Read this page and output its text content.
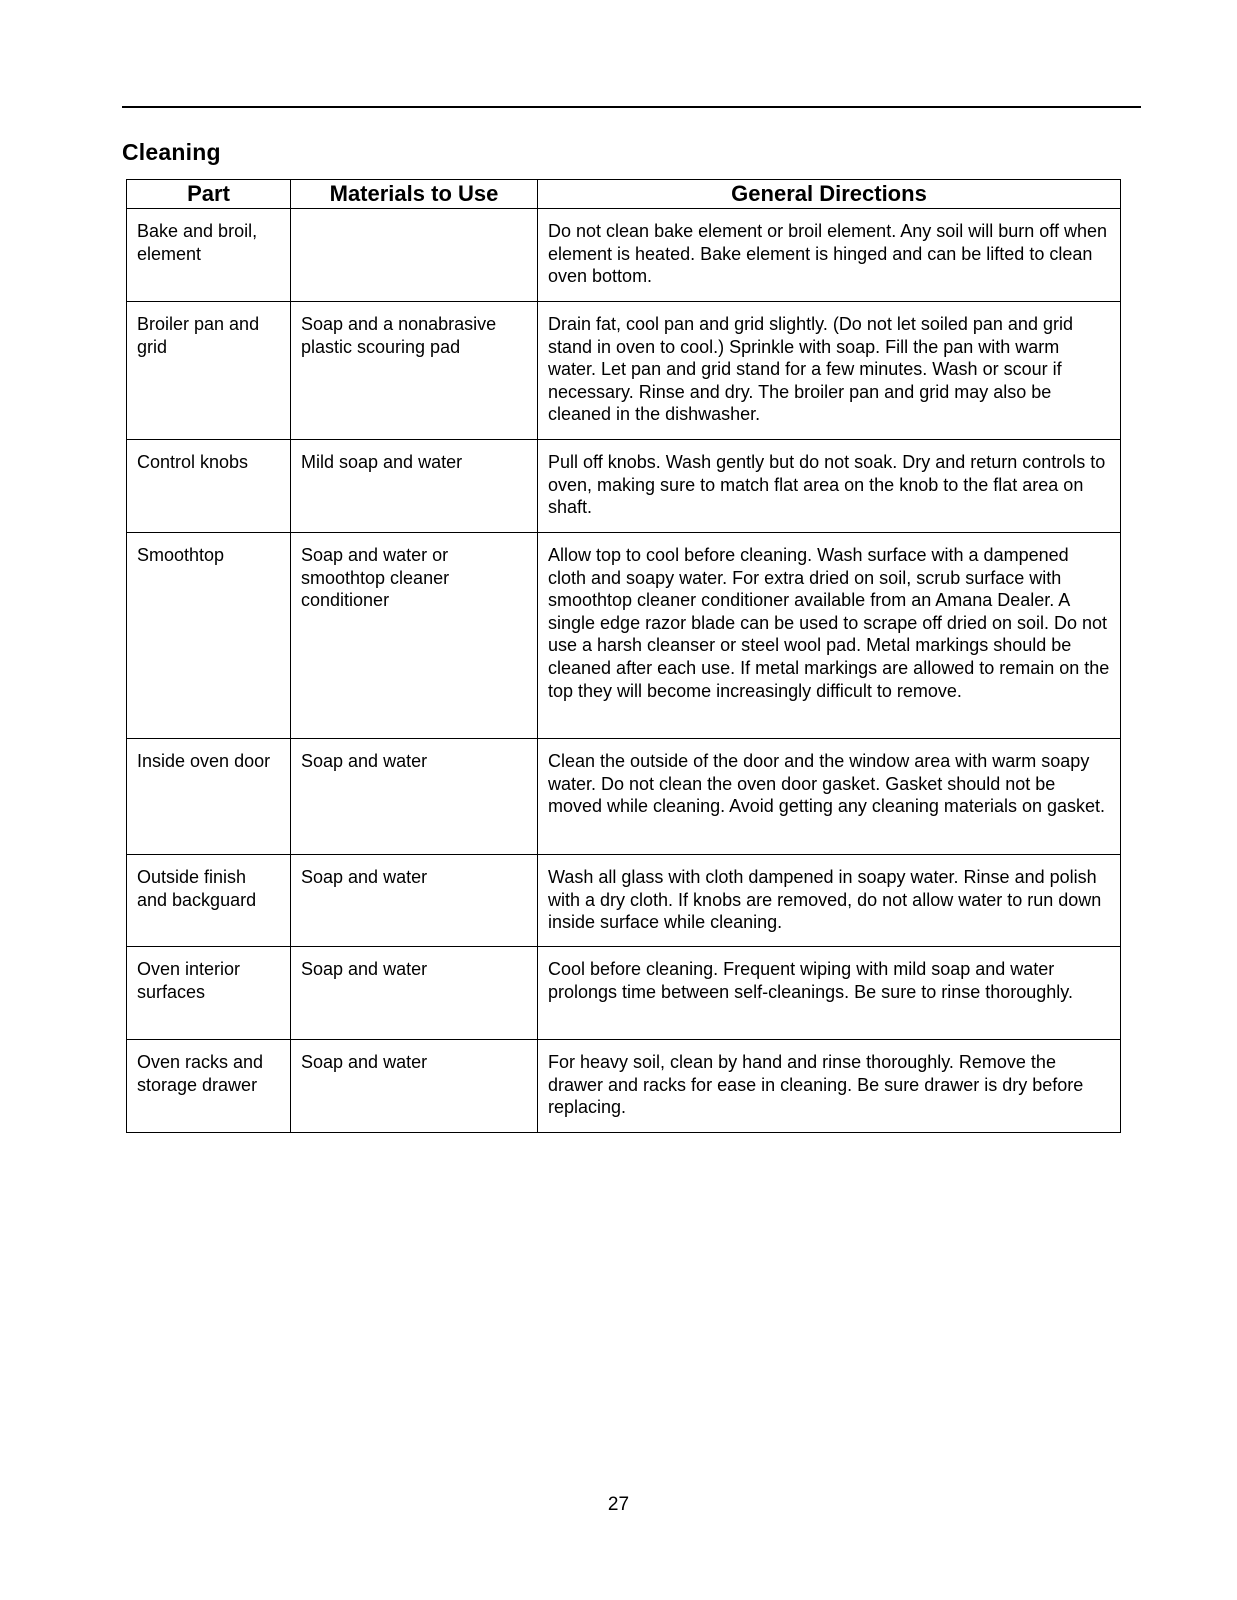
Cleaning
Part	Materials to Use	General Directions
Bake and broil, element		Do not clean bake element or broil element. Any soil will burn off when element is heated. Bake element is hinged and can be lifted to clean oven bottom.
Broiler pan and grid	Soap and a nonabrasive plastic scouring pad	Drain fat, cool pan and grid slightly. (Do not let soiled pan and grid stand in oven to cool.) Sprinkle with soap. Fill the pan with warm water. Let pan and grid stand for a few minutes. Wash or scour if necessary. Rinse and dry. The broiler pan and grid may also be cleaned in the dishwasher.
Control knobs	Mild soap and water	Pull off knobs. Wash gently but do not soak. Dry and return controls to oven, making sure to match flat area on the knob to the flat area on shaft.
Smoothtop	Soap and water or smoothtop cleaner conditioner	Allow top to cool before cleaning. Wash surface with a dampened cloth and soapy water. For extra dried on soil, scrub surface with smoothtop cleaner conditioner available from an Amana Dealer. A single edge razor blade can be used to scrape off dried on soil. Do not use a harsh cleanser or steel wool pad. Metal markings should be cleaned after each use. If metal markings are allowed to remain on the top they will become increasingly difficult to remove.
Inside oven door	Soap and water	Clean the outside of the door and the window area with warm soapy water. Do not clean the oven door gasket. Gasket should not be moved while cleaning. Avoid getting any cleaning materials on gasket.
Outside finish and backguard	Soap and water	Wash all glass with cloth dampened in soapy water. Rinse and polish with a dry cloth. If knobs are removed, do not allow water to run down inside surface while cleaning.
Oven interior surfaces	Soap and water	Cool before cleaning. Frequent wiping with mild soap and water prolongs time between self-cleanings. Be sure to rinse thoroughly.
Oven racks and storage drawer	Soap and water	For heavy soil, clean by hand and rinse thoroughly. Remove the drawer and racks for ease in cleaning. Be sure drawer is dry before replacing.
27
